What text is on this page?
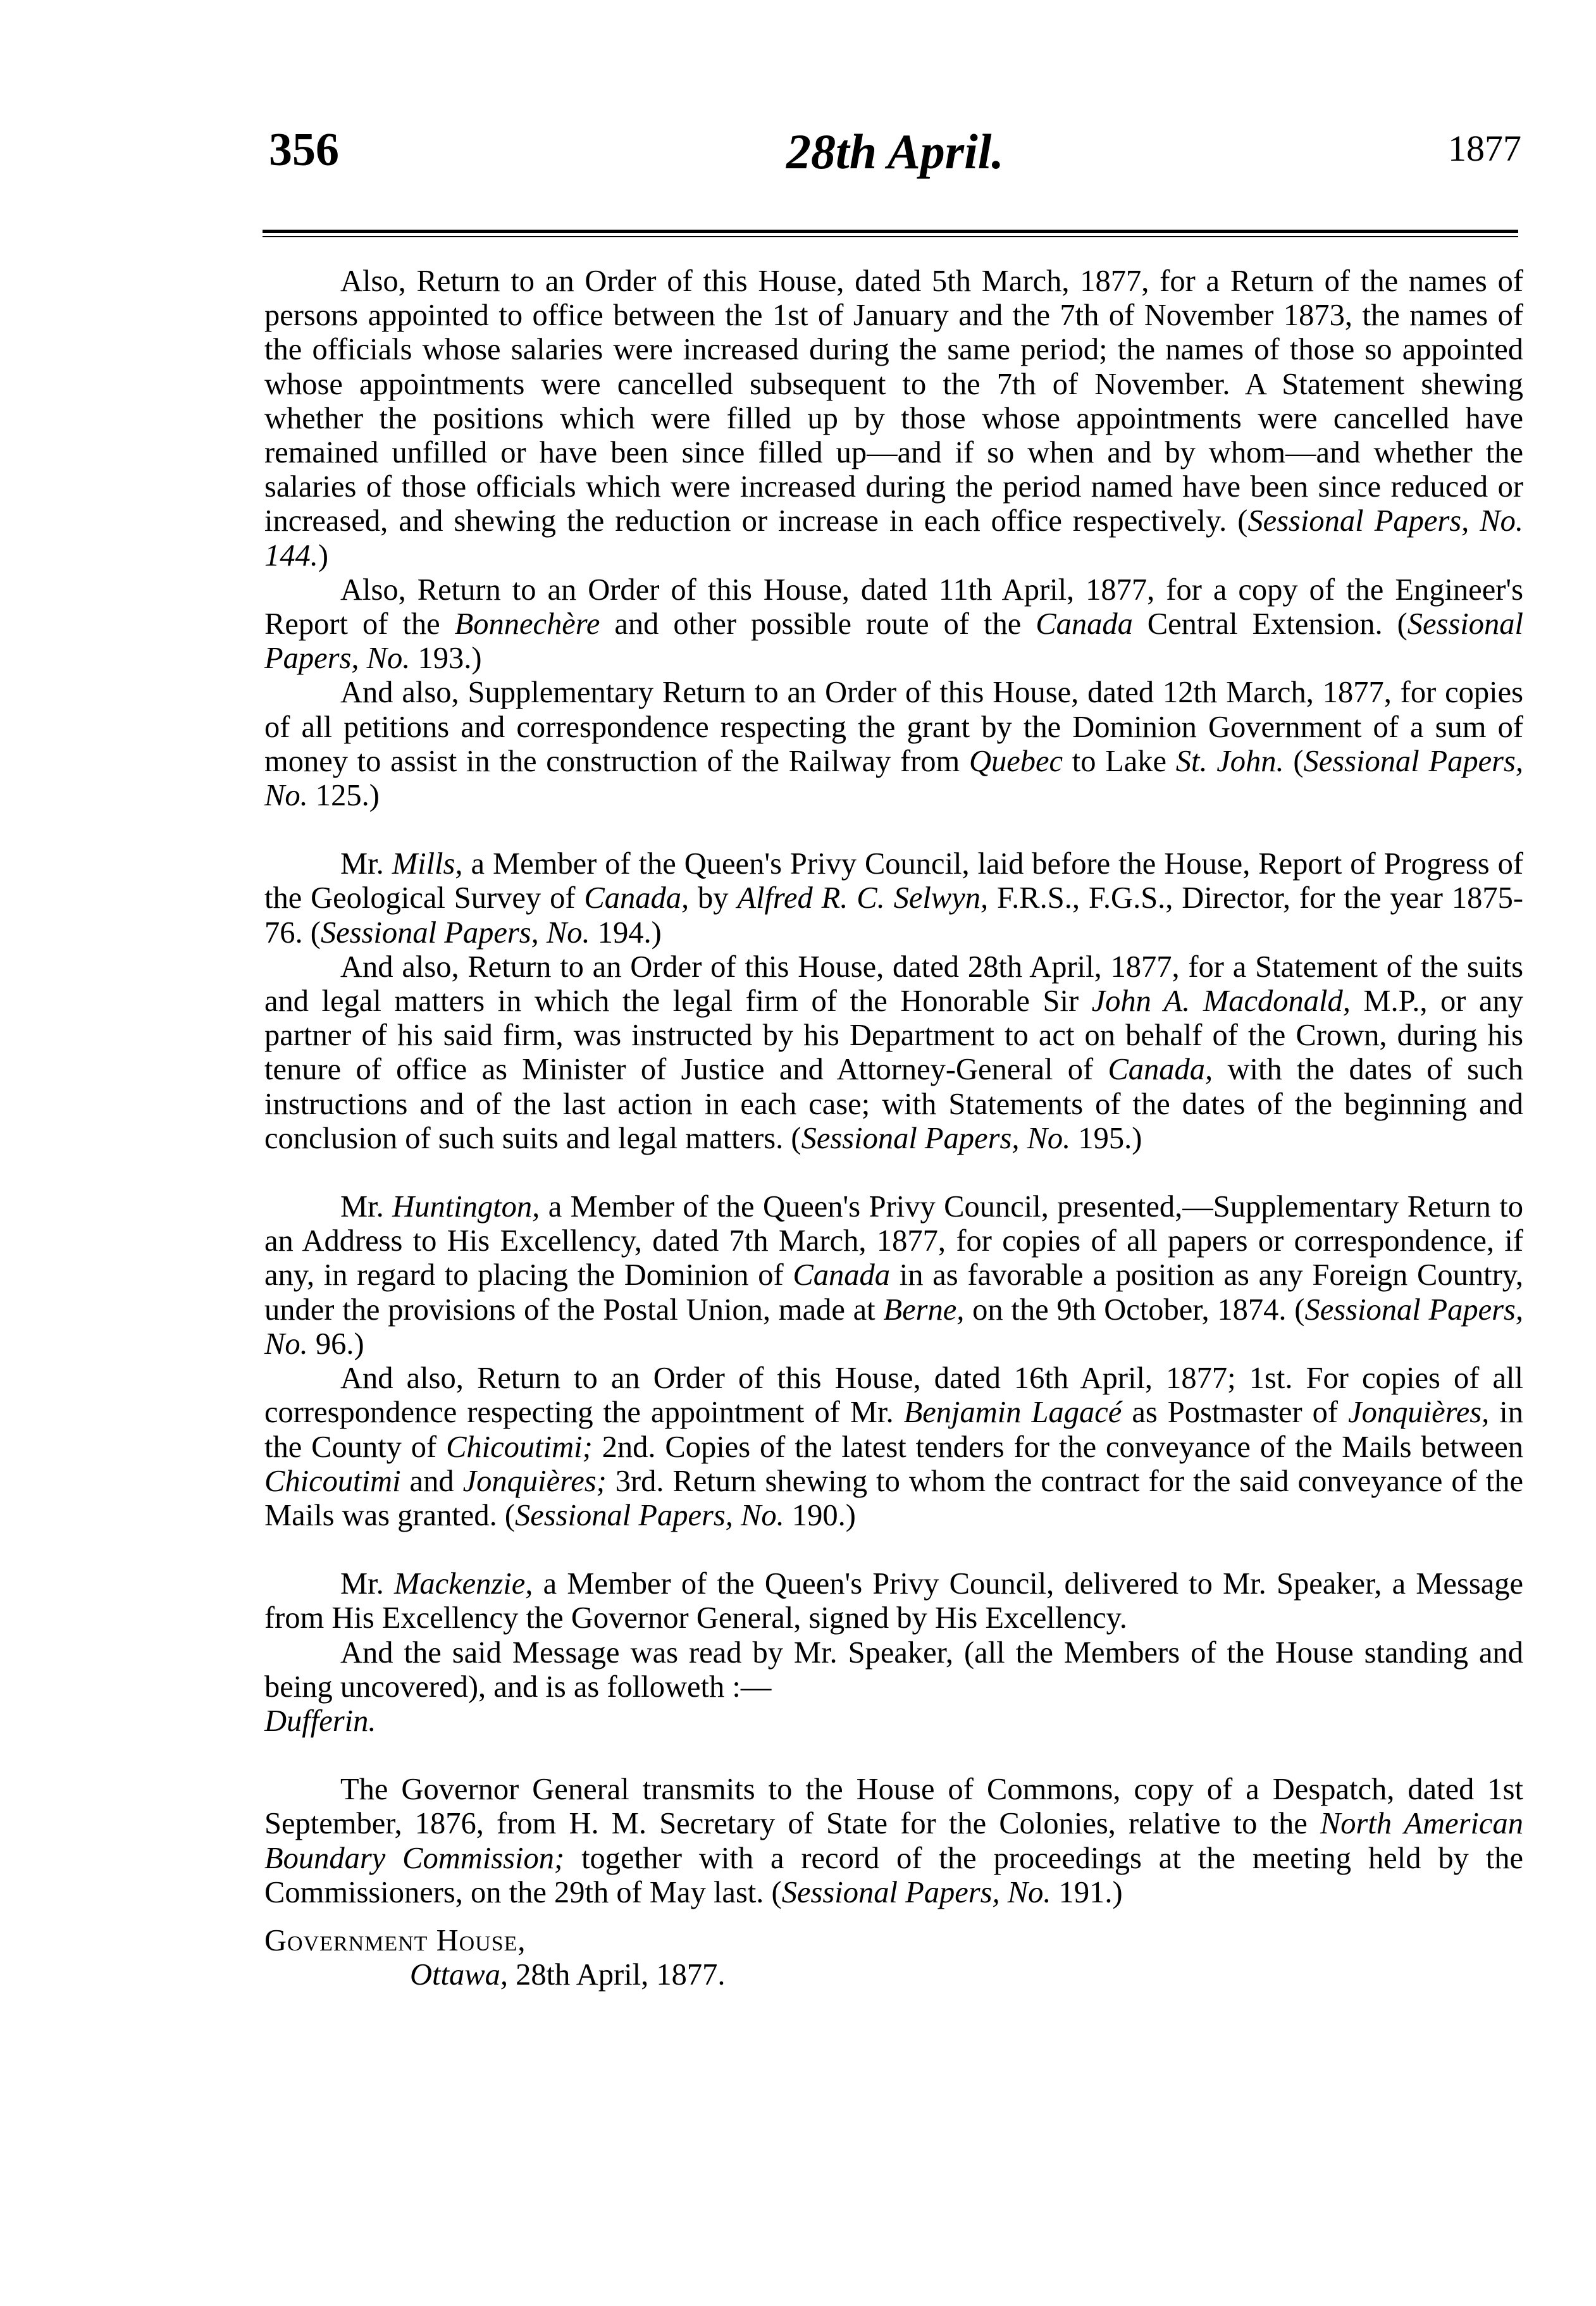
356	28th April.	1877

Also, Return to an Order of this House, dated 5th March, 1877, for a Return of the names of persons appointed to office between the 1st of January and the 7th of November 1873, the names of the officials whose salaries were increased during the same period; the names of those so appointed whose appointments were cancelled subsequent to the 7th of November. A Statement shewing whether the positions which were filled up by those whose appointments were cancelled have remained unfilled or have been since filled up—and if so when and by whom—and whether the salaries of those officials which were increased during the period named have been since reduced or increased, and shewing the reduction or increase in each office respectively. (Sessional Papers, No. 144.)

Also, Return to an Order of this House, dated 11th April, 1877, for a copy of the Engineer's Report of the Bonnechère and other possible route of the Canada Central Extension. (Sessional Papers, No. 193.)

And also, Supplementary Return to an Order of this House, dated 12th March, 1877, for copies of all petitions and correspondence respecting the grant by the Dominion Government of a sum of money to assist in the construction of the Railway from Quebec to Lake St. John. (Sessional Papers, No. 125.)

Mr. Mills, a Member of the Queen's Privy Council, laid before the House, Report of Progress of the Geological Survey of Canada, by Alfred R. C. Selwyn, F.R.S., F.G.S., Director, for the year 1875-76. (Sessional Papers, No. 194.)

And also, Return to an Order of this House, dated 28th April, 1877, for a Statement of the suits and legal matters in which the legal firm of the Honorable Sir John A. Macdonald, M.P., or any partner of his said firm, was instructed by his Department to act on behalf of the Crown, during his tenure of office as Minister of Justice and Attorney-General of Canada, with the dates of such instructions and of the last action in each case; with Statements of the dates of the beginning and conclusion of such suits and legal matters. (Sessional Papers, No. 195.)

Mr. Huntington, a Member of the Queen's Privy Council, presented,—Supplementary Return to an Address to His Excellency, dated 7th March, 1877, for copies of all papers or correspondence, if any, in regard to placing the Dominion of Canada in as favorable a position as any Foreign Country, under the provisions of the Postal Union, made at Berne, on the 9th October, 1874. (Sessional Papers, No. 96.)

And also, Return to an Order of this House, dated 16th April, 1877; 1st. For copies of all correspondence respecting the appointment of Mr. Benjamin Lagacé as Postmaster of Jonquières, in the County of Chicoutimi; 2nd. Copies of the latest tenders for the conveyance of the Mails between Chicoutimi and Jonquières; 3rd. Return shewing to whom the contract for the said conveyance of the Mails was granted. (Sessional Papers, No. 190.)

Mr. Mackenzie, a Member of the Queen's Privy Council, delivered to Mr. Speaker, a Message from His Excellency the Governor General, signed by His Excellency.

And the said Message was read by Mr. Speaker, (all the Members of the House standing and being uncovered), and is as followeth :—

Dufferin.

The Governor General transmits to the House of Commons, copy of a Despatch, dated 1st September, 1876, from H. M. Secretary of State for the Colonies, relative to the North American Boundary Commission; together with a record of the proceedings at the meeting held by the Commissioners, on the 29th of May last. (Sessional Papers, No. 191.)

Government House,

Ottawa, 28th April, 1877.
